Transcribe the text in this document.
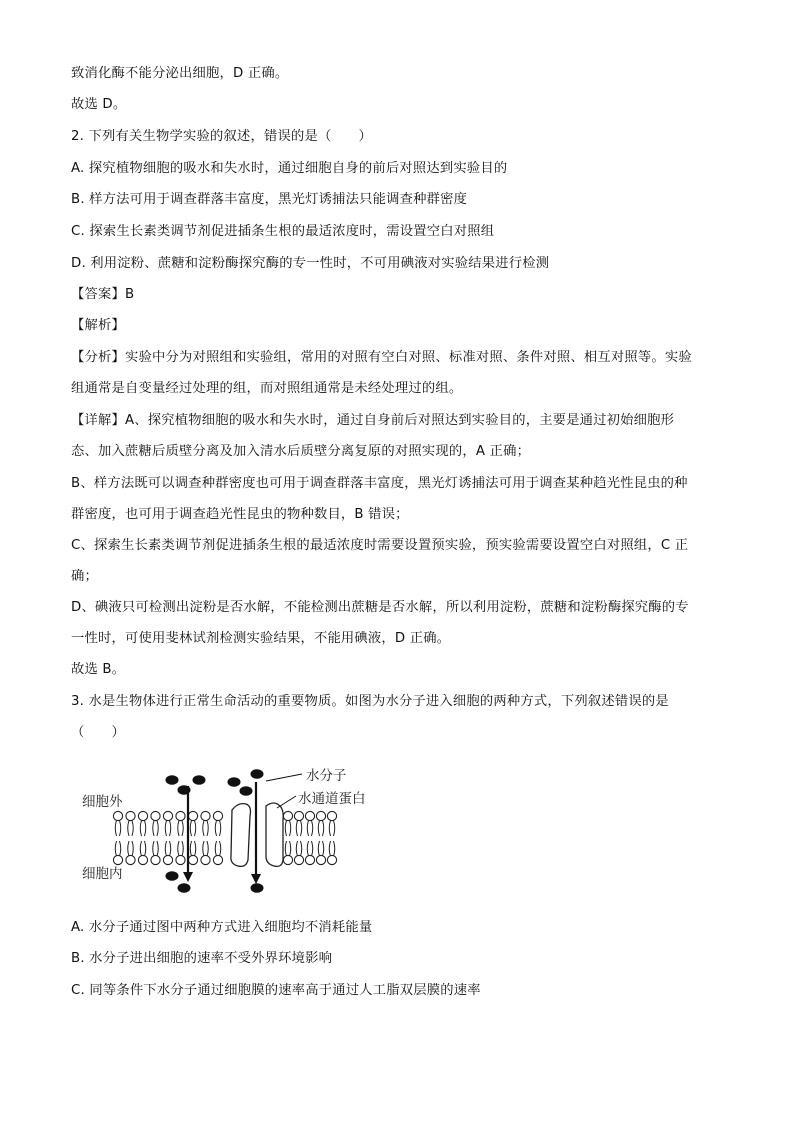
致消化酶不能分泌出细胞，D 正确。
故选 D。
2. 下列有关生物学实验的叙述，错误的是（　　）
A. 探究植物细胞的吸水和失水时，通过细胞自身的前后对照达到实验目的
B. 样方法可用于调查群落丰富度，黑光灯诱捕法只能调查种群密度
C. 探索生长素类调节剂促进插条生根的最适浓度时，需设置空白对照组
D. 利用淀粉、蔗糖和淀粉酶探究酶的专一性时，不可用碘液对实验结果进行检测
【答案】B
【解析】
【分析】实验中分为对照组和实验组，常用的对照有空白对照、标准对照、条件对照、相互对照等。实验
组通常是自变量经过处理的组，而对照组通常是未经处理过的组。
【详解】A、探究植物细胞的吸水和失水时，通过自身前后对照达到实验目的，主要是通过初始细胞形
态、加入蔗糖后质壁分离及加入清水后质壁分离复原的对照实现的，A 正确；
B、样方法既可以调查种群密度也可用于调查群落丰富度，黑光灯诱捕法可用于调查某种趋光性昆虫的种
群密度，也可用于调查趋光性昆虫的物种数目，B 错误；
C、探索生长素类调节剂促进插条生根的最适浓度时需要设置预实验，预实验需要设置空白对照组，C 正
确；
D、碘液只可检测出淀粉是否水解，不能检测出蔗糖是否水解，所以利用淀粉，蔗糖和淀粉酶探究酶的专
一性时，可使用斐林试剂检测实验结果，不能用碘液，D 正确。
故选 B。
3. 水是生物体进行正常生命活动的重要物质。如图为水分子进入细胞的两种方式，下列叙述错误的是
（　　）
细胞外
细胞内
水分子
水通道蛋白
A. 水分子通过图中两种方式进入细胞均不消耗能量
B. 水分子进出细胞的速率不受外界环境影响
C. 同等条件下水分子通过细胞膜的速率高于通过人工脂双层膜的速率
